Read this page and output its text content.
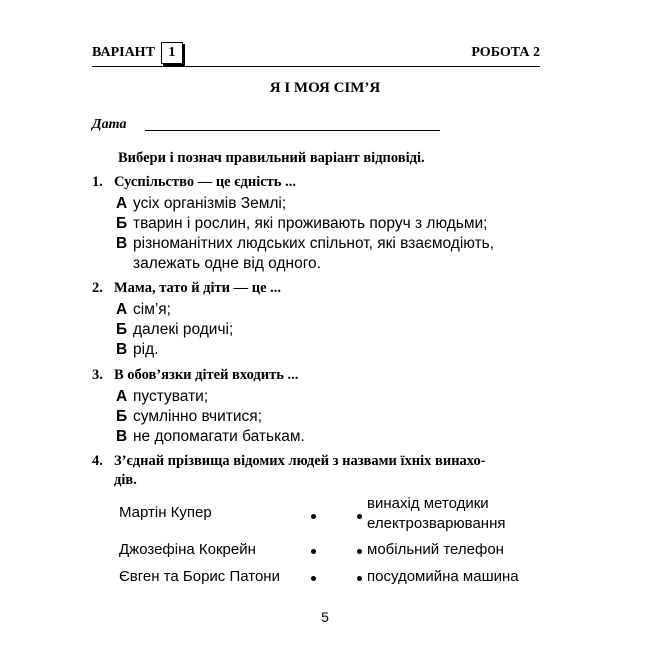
ВАРІАНТ 1	РОБОТА 2
Я І МОЯ СІМ’Я
Дата
Вибери і познач правильний варіант відповіді.
1. Суспільство — це єдність ...
А усіх організмів Землі;
Б тварин і рослин, які проживають поруч з людьми;
В різноманітних людських спільнот, які взаємодіють,
залежать одне від одного.
2. Мама, тато й діти — це ...
А сім’я;
Б далекі родичі;
В рід.
3. В обов’язки дітей входить ...
А пустувати;
Б сумлінно вчитися;
В не допомагати батькам.
4. З’єднай прізвища відомих людей з назвами їхніх винахо-
дів.
Мартін Купер
Джозефіна Кокрейн
Євген та Борис Патони
винахід методики
електрозварювання
мобільний телефон
посудомийна машина
5
